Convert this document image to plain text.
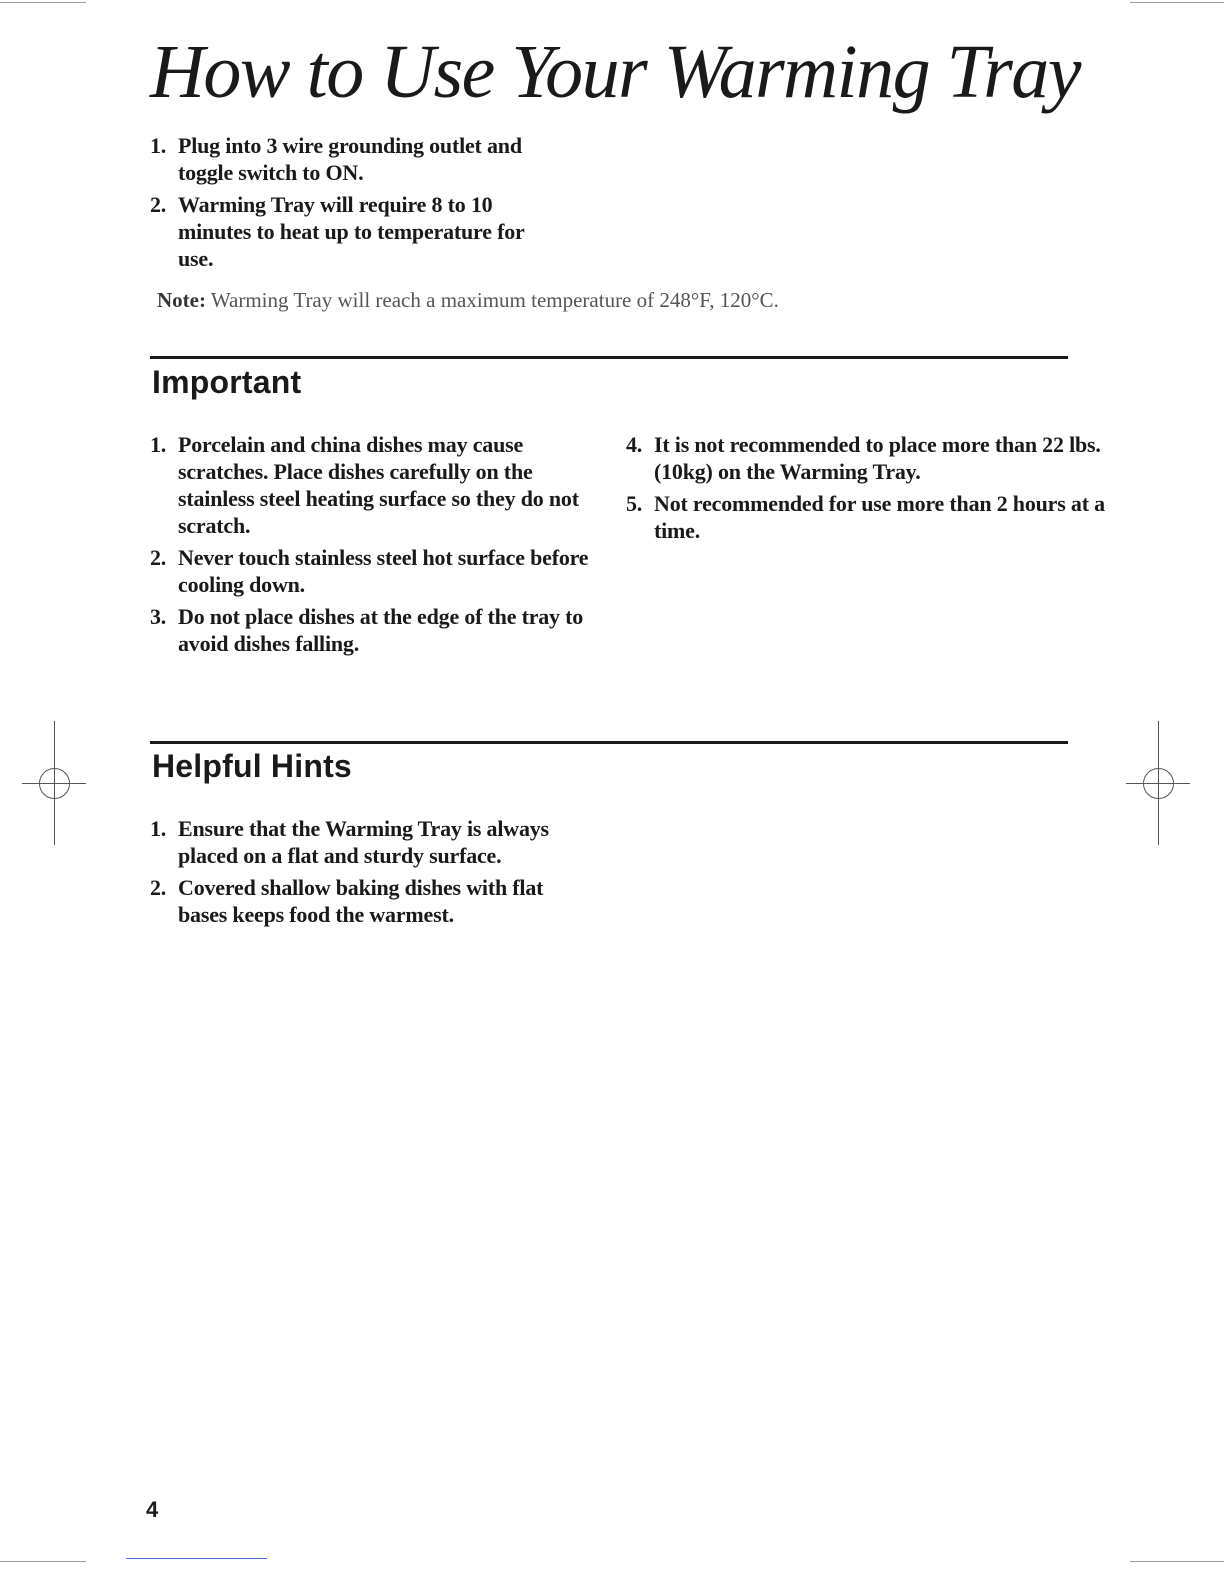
How to Use Your Warming Tray
1. Plug into 3 wire grounding outlet and toggle switch to ON.
2. Warming Tray will require 8 to 10 minutes to heat up to temperature for use.
Note: Warming Tray will reach a maximum temperature of 248°F, 120°C.
Important
1. Porcelain and china dishes may cause scratches. Place dishes carefully on the stainless steel heating surface so they do not scratch.
2. Never touch stainless steel hot surface before cooling down.
3. Do not place dishes at the edge of the tray to avoid dishes falling.
4. It is not recommended to place more than 22 lbs. (10kg) on the Warming Tray.
5. Not recommended for use more than 2 hours at a time.
Helpful Hints
1. Ensure that the Warming Tray is always placed on a flat and sturdy surface.
2. Covered shallow baking dishes with flat bases keeps food the warmest.
4
